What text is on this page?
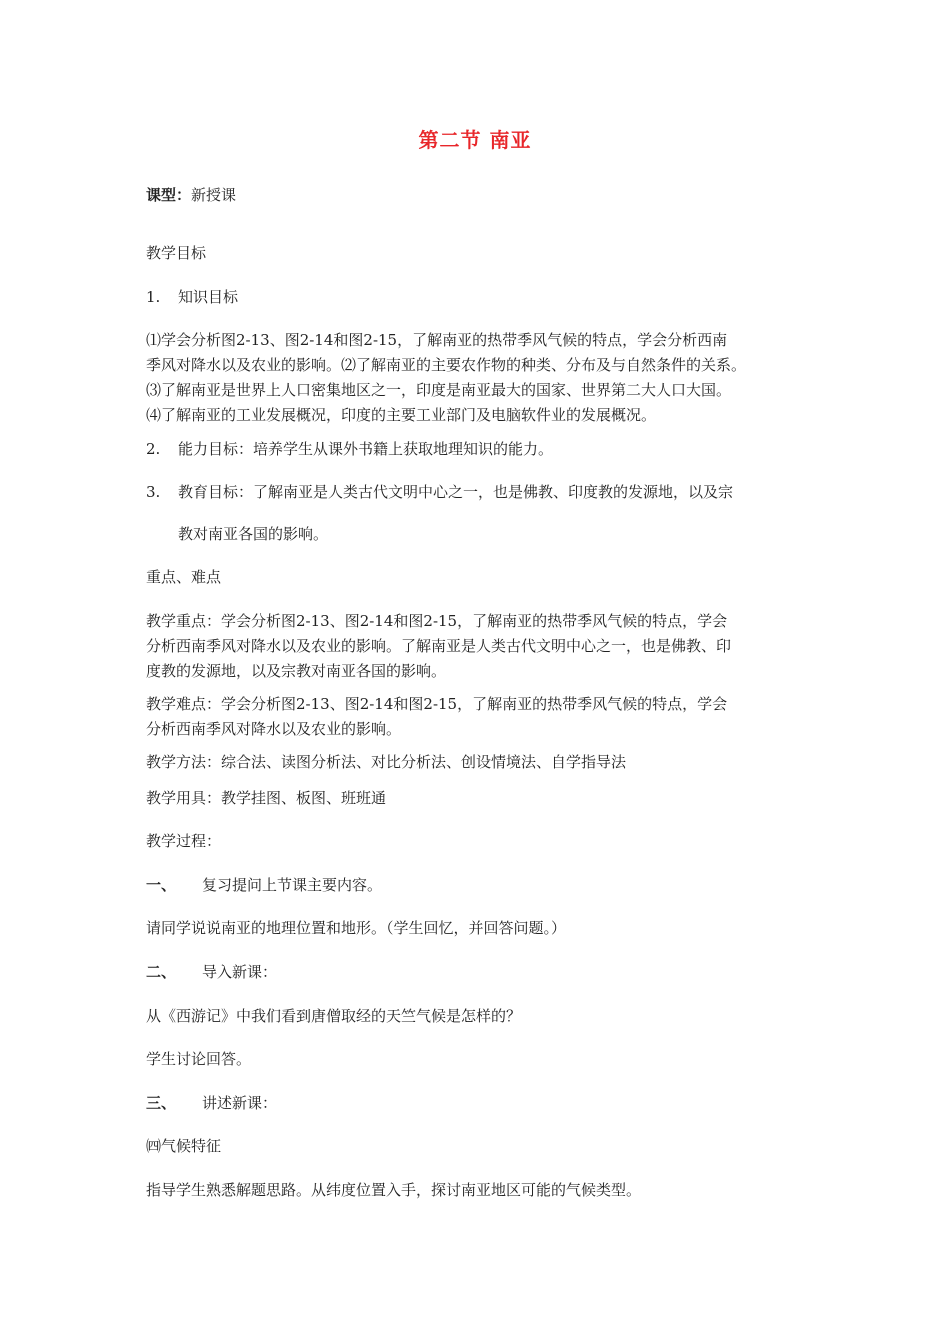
第二节 南亚
课型：新授课
教学目标
1. 知识目标
⑴学会分析图2-13、图2-14和图2-15，了解南亚的热带季风气候的特点，学会分析西南
季风对降水以及农业的影响。⑵了解南亚的主要农作物的种类、分布及与自然条件的关系。
⑶了解南亚是世界上人口密集地区之一，印度是南亚最大的国家、世界第二大人口大国。
⑷了解南亚的工业发展概况，印度的主要工业部门及电脑软件业的发展概况。
2. 能力目标：培养学生从课外书籍上获取地理知识的能力。
3. 教育目标：了解南亚是人类古代文明中心之一，也是佛教、印度教的发源地，以及宗
教对南亚各国的影响。
重点、难点
教学重点：学会分析图2-13、图2-14和图2-15，了解南亚的热带季风气候的特点，学会
分析西南季风对降水以及农业的影响。了解南亚是人类古代文明中心之一，也是佛教、印
度教的发源地，以及宗教对南亚各国的影响。
教学难点：学会分析图2-13、图2-14和图2-15，了解南亚的热带季风气候的特点，学会
分析西南季风对降水以及农业的影响。
教学方法：综合法、读图分析法、对比分析法、创设情境法、自学指导法
教学用具：教学挂图、板图、班班通
教学过程：
一、 复习提问上节课主要内容。
请同学说说南亚的地理位置和地形。（学生回忆，并回答问题。）
二、 导入新课：
从《西游记》中我们看到唐僧取经的天竺气候是怎样的？
学生讨论回答。
三、 讲述新课：
㈣气候特征
指导学生熟悉解题思路。从纬度位置入手，探讨南亚地区可能的气候类型。
